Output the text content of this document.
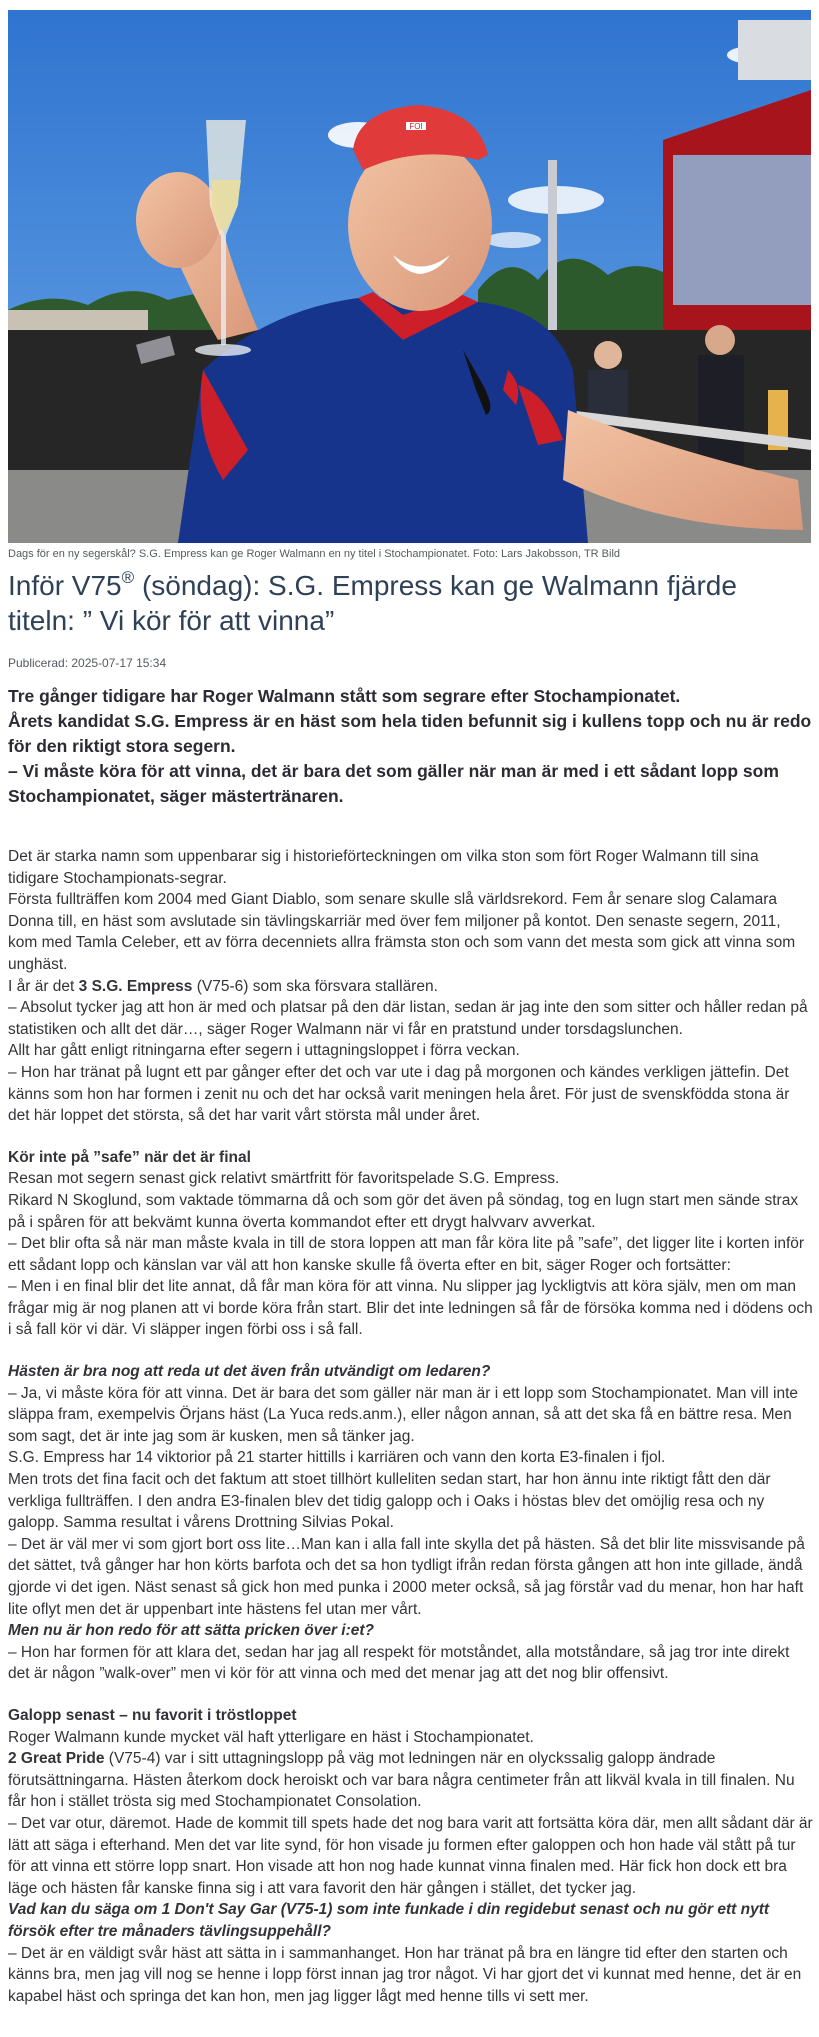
FOI
Dags för en ny segerskål? S.G. Empress kan ge Roger Walmann en ny titel i Stochampionatet. Foto: Lars Jakobsson, TR Bild
Inför V75® (söndag): S.G. Empress kan ge Walmann fjärde titeln: ” Vi kör för att vinna”
Publicerad: 2025-07-17 15:34

Tre gånger tidigare har Roger Walmann stått som segrare efter Stochampionatet.

Årets kandidat S.G. Empress är en häst som hela tiden befunnit sig i kullens topp och nu är redo för den riktigt stora segern.

– Vi måste köra för att vinna, det är bara det som gäller när man är med i ett sådant lopp som Stochampionatet, säger mästertränaren.

Det är starka namn som uppenbarar sig i historieförteckningen om vilka ston som fört Roger Walmann till sina tidigare Stochampionats-segrar.

Första fullträffen kom 2004 med Giant Diablo, som senare skulle slå världsrekord. Fem år senare slog Calamara Donna till, en häst som avslutade sin tävlingskarriär med över fem miljoner på kontot. Den senaste segern, 2011, kom med Tamla Celeber, ett av förra decenniets allra främsta ston och som vann det mesta som gick att vinna som unghäst.

I år är det 3 S.G. Empress (V75-6) som ska försvara stallären.

– Absolut tycker jag att hon är med och platsar på den där listan, sedan är jag inte den som sitter och håller redan på statistiken och allt det där…, säger Roger Walmann när vi får en pratstund under torsdagslunchen.

Allt har gått enligt ritningarna efter segern i uttagningsloppet i förra veckan.

– Hon har tränat på lugnt ett par gånger efter det och var ute i dag på morgonen och kändes verkligen jättefin. Det känns som hon har formen i zenit nu och det har också varit meningen hela året. För just de svenskfödda stona är det här loppet det största, så det har varit vårt största mål under året.

Kör inte på ”safe” när det är final

Resan mot segern senast gick relativt smärtfritt för favoritspelade S.G. Empress.

Rikard N Skoglund, som vaktade tömmarna då och som gör det även på söndag, tog en lugn start men sände strax på i spåren för att bekvämt kunna överta kommandot efter ett drygt halvvarv avverkat.

– Det blir ofta så när man måste kvala in till de stora loppen att man får köra lite på ”safe”, det ligger lite i korten inför ett sådant lopp och känslan var väl att hon kanske skulle få överta efter en bit, säger Roger och fortsätter:

– Men i en final blir det lite annat, då får man köra för att vinna. Nu slipper jag lyckligtvis att köra själv, men om man frågar mig är nog planen att vi borde köra från start. Blir det inte ledningen så får de försöka komma ned i dödens och i så fall kör vi där. Vi släpper ingen förbi oss i så fall.

Hästen är bra nog att reda ut det även från utvändigt om ledaren?

– Ja, vi måste köra för att vinna. Det är bara det som gäller när man är i ett lopp som Stochampionatet. Man vill inte släppa fram, exempelvis Örjans häst (La Yuca reds.anm.), eller någon annan, så att det ska få en bättre resa. Men som sagt, det är inte jag som är kusken, men så tänker jag.

S.G. Empress har 14 viktorior på 21 starter hittills i karriären och vann den korta E3-finalen i fjol.

Men trots det fina facit och det faktum att stoet tillhört kulleliten sedan start, har hon ännu inte riktigt fått den där verkliga fullträffen. I den andra E3-finalen blev det tidig galopp och i Oaks i höstas blev det omöjlig resa och ny galopp. Samma resultat i vårens Drottning Silvias Pokal.

– Det är väl mer vi som gjort bort oss lite…Man kan i alla fall inte skylla det på hästen. Så det blir lite missvisande på det sättet, två gånger har hon körts barfota och det sa hon tydligt ifrån redan första gången att hon inte gillade, ändå gjorde vi det igen. Näst senast så gick hon med punka i 2000 meter också, så jag förstår vad du menar, hon har haft lite oflyt men det är uppenbart inte hästens fel utan mer vårt.

Men nu är hon redo för att sätta pricken över i:et?

– Hon har formen för att klara det, sedan har jag all respekt för motståndet, alla motståndare, så jag tror inte direkt det är någon ”walk-over” men vi kör för att vinna och med det menar jag att det nog blir offensivt.

Galopp senast – nu favorit i tröstloppet

Roger Walmann kunde mycket väl haft ytterligare en häst i Stochampionatet.

2 Great Pride (V75-4) var i sitt uttagningslopp på väg mot ledningen när en olyckssalig galopp ändrade förutsättningarna. Hästen återkom dock heroiskt och var bara några centimeter från att likväl kvala in till finalen. Nu får hon i stället trösta sig med Stochampionatet Consolation.

– Det var otur, däremot. Hade de kommit till spets hade det nog bara varit att fortsätta köra där, men allt sådant där är lätt att säga i efterhand. Men det var lite synd, för hon visade ju formen efter galoppen och hon hade väl stått på tur för att vinna ett större lopp snart. Hon visade att hon nog hade kunnat vinna finalen med. Här fick hon dock ett bra läge och hästen får kanske finna sig i att vara favorit den här gången i stället, det tycker jag.

Vad kan du säga om 1 Don't Say Gar (V75-1) som inte funkade i din regidebut senast och nu gör ett nytt försök efter tre månaders tävlingsuppehåll?

– Det är en väldigt svår häst att sätta in i sammanhanget. Hon har tränat på bra en längre tid efter den starten och känns bra, men jag vill nog se henne i lopp först innan jag tror något. Vi har gjort det vi kunnat med henne, det är en kapabel häst och springa det kan hon, men jag ligger lågt med henne tills vi sett mer.
